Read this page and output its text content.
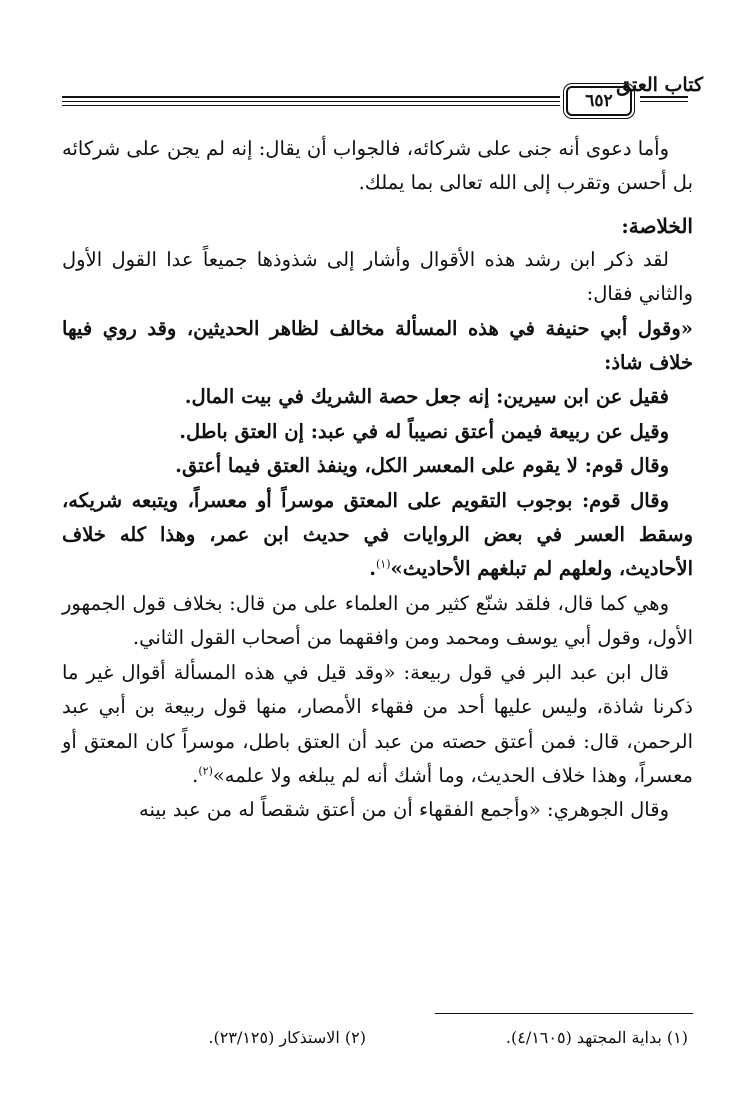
كتاب العتق
٦٥٢

وأما دعوى أنه جنى على شركائه، فالجواب أن يقال: إنه لم يجن على شركائه بل أحسن وتقرب إلى الله تعالى بما يملك.

الخلاصة:

لقد ذكر ابن رشد هذه الأقوال وأشار إلى شذوذها جميعاً عدا القول الأول والثاني فقال:

«وقول أبي حنيفة في هذه المسألة مخالف لظاهر الحديثين، وقد روي فيها خلاف شاذ:

فقيل عن ابن سيرين: إنه جعل حصة الشريك في بيت المال.

وقيل عن ربيعة فيمن أعتق نصيباً له في عبد: إن العتق باطل.

وقال قوم: لا يقوم على المعسر الكل، وينفذ العتق فيما أعتق.

وقال قوم: بوجوب التقويم على المعتق موسراً أو معسراً، ويتبعه شريكه، وسقط العسر في بعض الروايات في حديث ابن عمر، وهذا كله خلاف الأحاديث، ولعلهم لم تبلغهم الأحاديث»$^{(١)}$.

وهي كما قال، فلقد شنّع كثير من العلماء على من قال: بخلاف قول الجمهور الأول، وقول أبي يوسف ومحمد ومن وافقهما من أصحاب القول الثاني.

قال ابن عبد البر في قول ربيعة: «وقد قيل في هذه المسألة أقوال غير ما ذكرنا شاذة، وليس عليها أحد من فقهاء الأمصار، منها قول ربيعة بن أبي عبد الرحمن، قال: فمن أعتق حصته من عبد أن العتق باطل، موسراً كان المعتق أو معسراً، وهذا خلاف الحديث، وما أشك أنه لم يبلغه ولا علمه»$^{(٢)}$.

وقال الجوهري: «وأجمع الفقهاء أن من أعتق شقصاً له من عبد بينه

(١) بداية المجتهد (٤/١٦٠٥).
(٢) الاستذكار (٢٣/١٢٥).
